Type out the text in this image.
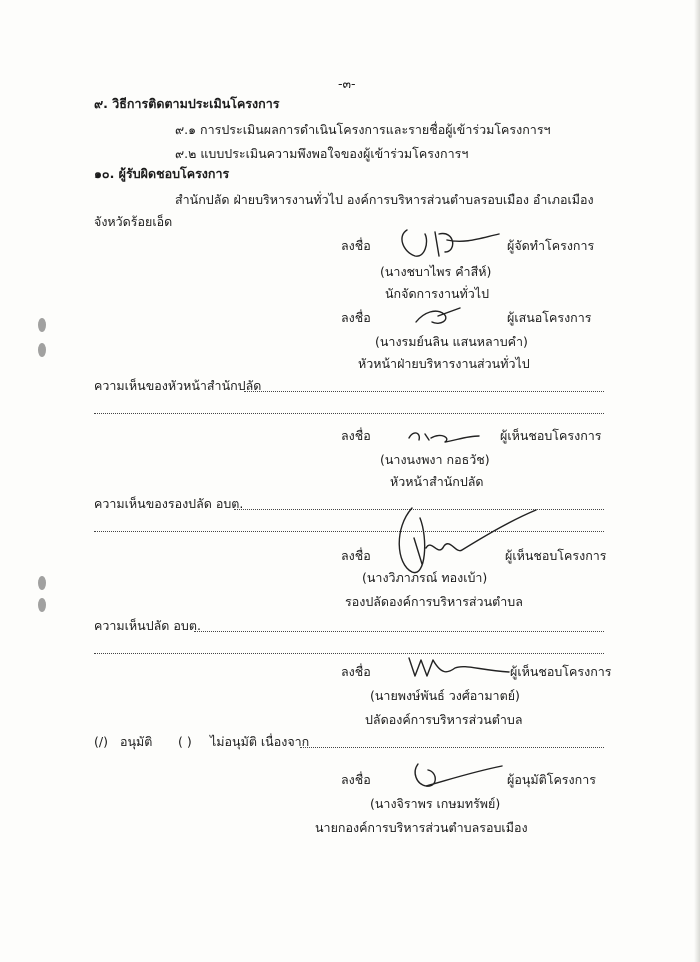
-๓-
๙. วิธีการติดตามประเมินโครงการ
๙.๑ การประเมินผลการดำเนินโครงการและรายชื่อผู้เข้าร่วมโครงการฯ
๙.๒ แบบประเมินความพึงพอใจของผู้เข้าร่วมโครงการฯ
๑๐. ผู้รับผิดชอบโครงการ
สำนักปลัด ฝ่ายบริหารงานทั่วไป องค์การบริหารส่วนตำบลรอบเมือง อำเภอเมือง
จังหวัดร้อยเอ็ด
ลงชื่อ	ผู้จัดทำโครงการ
(นางชบาไพร คำสีห์)
นักจัดการงานทั่วไป
ลงชื่อ	ผู้เสนอโครงการ
(นางรมย์นลิน แสนหลาบคำ)
หัวหน้าฝ่ายบริหารงานส่วนทั่วไป
ความเห็นของหัวหน้าสำนักปลัด
ลงชื่อ	ผู้เห็นชอบโครงการ
(นางนงพงา กอธวัช)
หัวหน้าสำนักปลัด
ความเห็นของรองปลัด อบต.
ลงชื่อ	ผู้เห็นชอบโครงการ
(นางวิภาภรณ์ ทองเบ้า)
รองปลัดองค์การบริหารส่วนตำบล
ความเห็นปลัด อบต.
ลงชื่อ	ผู้เห็นชอบโครงการ
(นายพงษ์พันธ์ วงศ์อามาตย์)
ปลัดองค์การบริหารส่วนตำบล
(/) อนุมัติ ( ) ไม่อนุมัติ เนื่องจาก
ลงชื่อ	ผู้อนุมัติโครงการ
(นางจิราพร เกษมทรัพย์)
นายกองค์การบริหารส่วนตำบลรอบเมือง
